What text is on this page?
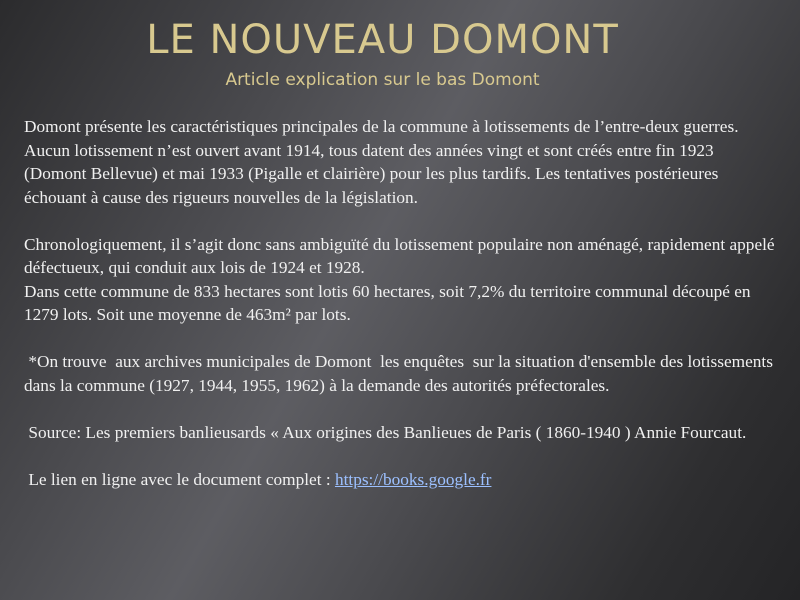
LE NOUVEAU DOMONT
Article explication sur le bas Domont

Domont présente les caractéristiques principales de la commune à lotissements de l’entre-deux guerres. Aucun lotissement n’est ouvert avant 1914, tous datent des années vingt et sont créés entre fin 1923 (Domont Bellevue) et mai 1933 (Pigalle et clairière) pour les plus tardifs. Les tentatives postérieures échouant à cause des rigueurs nouvelles de la législation.

Chronologiquement, il s’agit donc sans ambiguïté du lotissement populaire non aménagé, rapidement appelé défectueux, qui conduit aux lois de 1924 et 1928.

Dans cette commune de 833 hectares sont lotis 60 hectares, soit 7,2% du territoire communal découpé en 1279 lots. Soit une moyenne de 463m² par lots.

*On trouve  aux archives municipales de Domont  les enquêtes  sur la situation d'ensemble des lotissements dans la commune (1927, 1944, 1955, 1962) à la demande des autorités préfectorales.

Source: Les premiers banlieusards « Aux origines des Banlieues de Paris ( 1860-1940 ) Annie Fourcaut.

Le lien en ligne avec le document complet : https://books.google.fr
